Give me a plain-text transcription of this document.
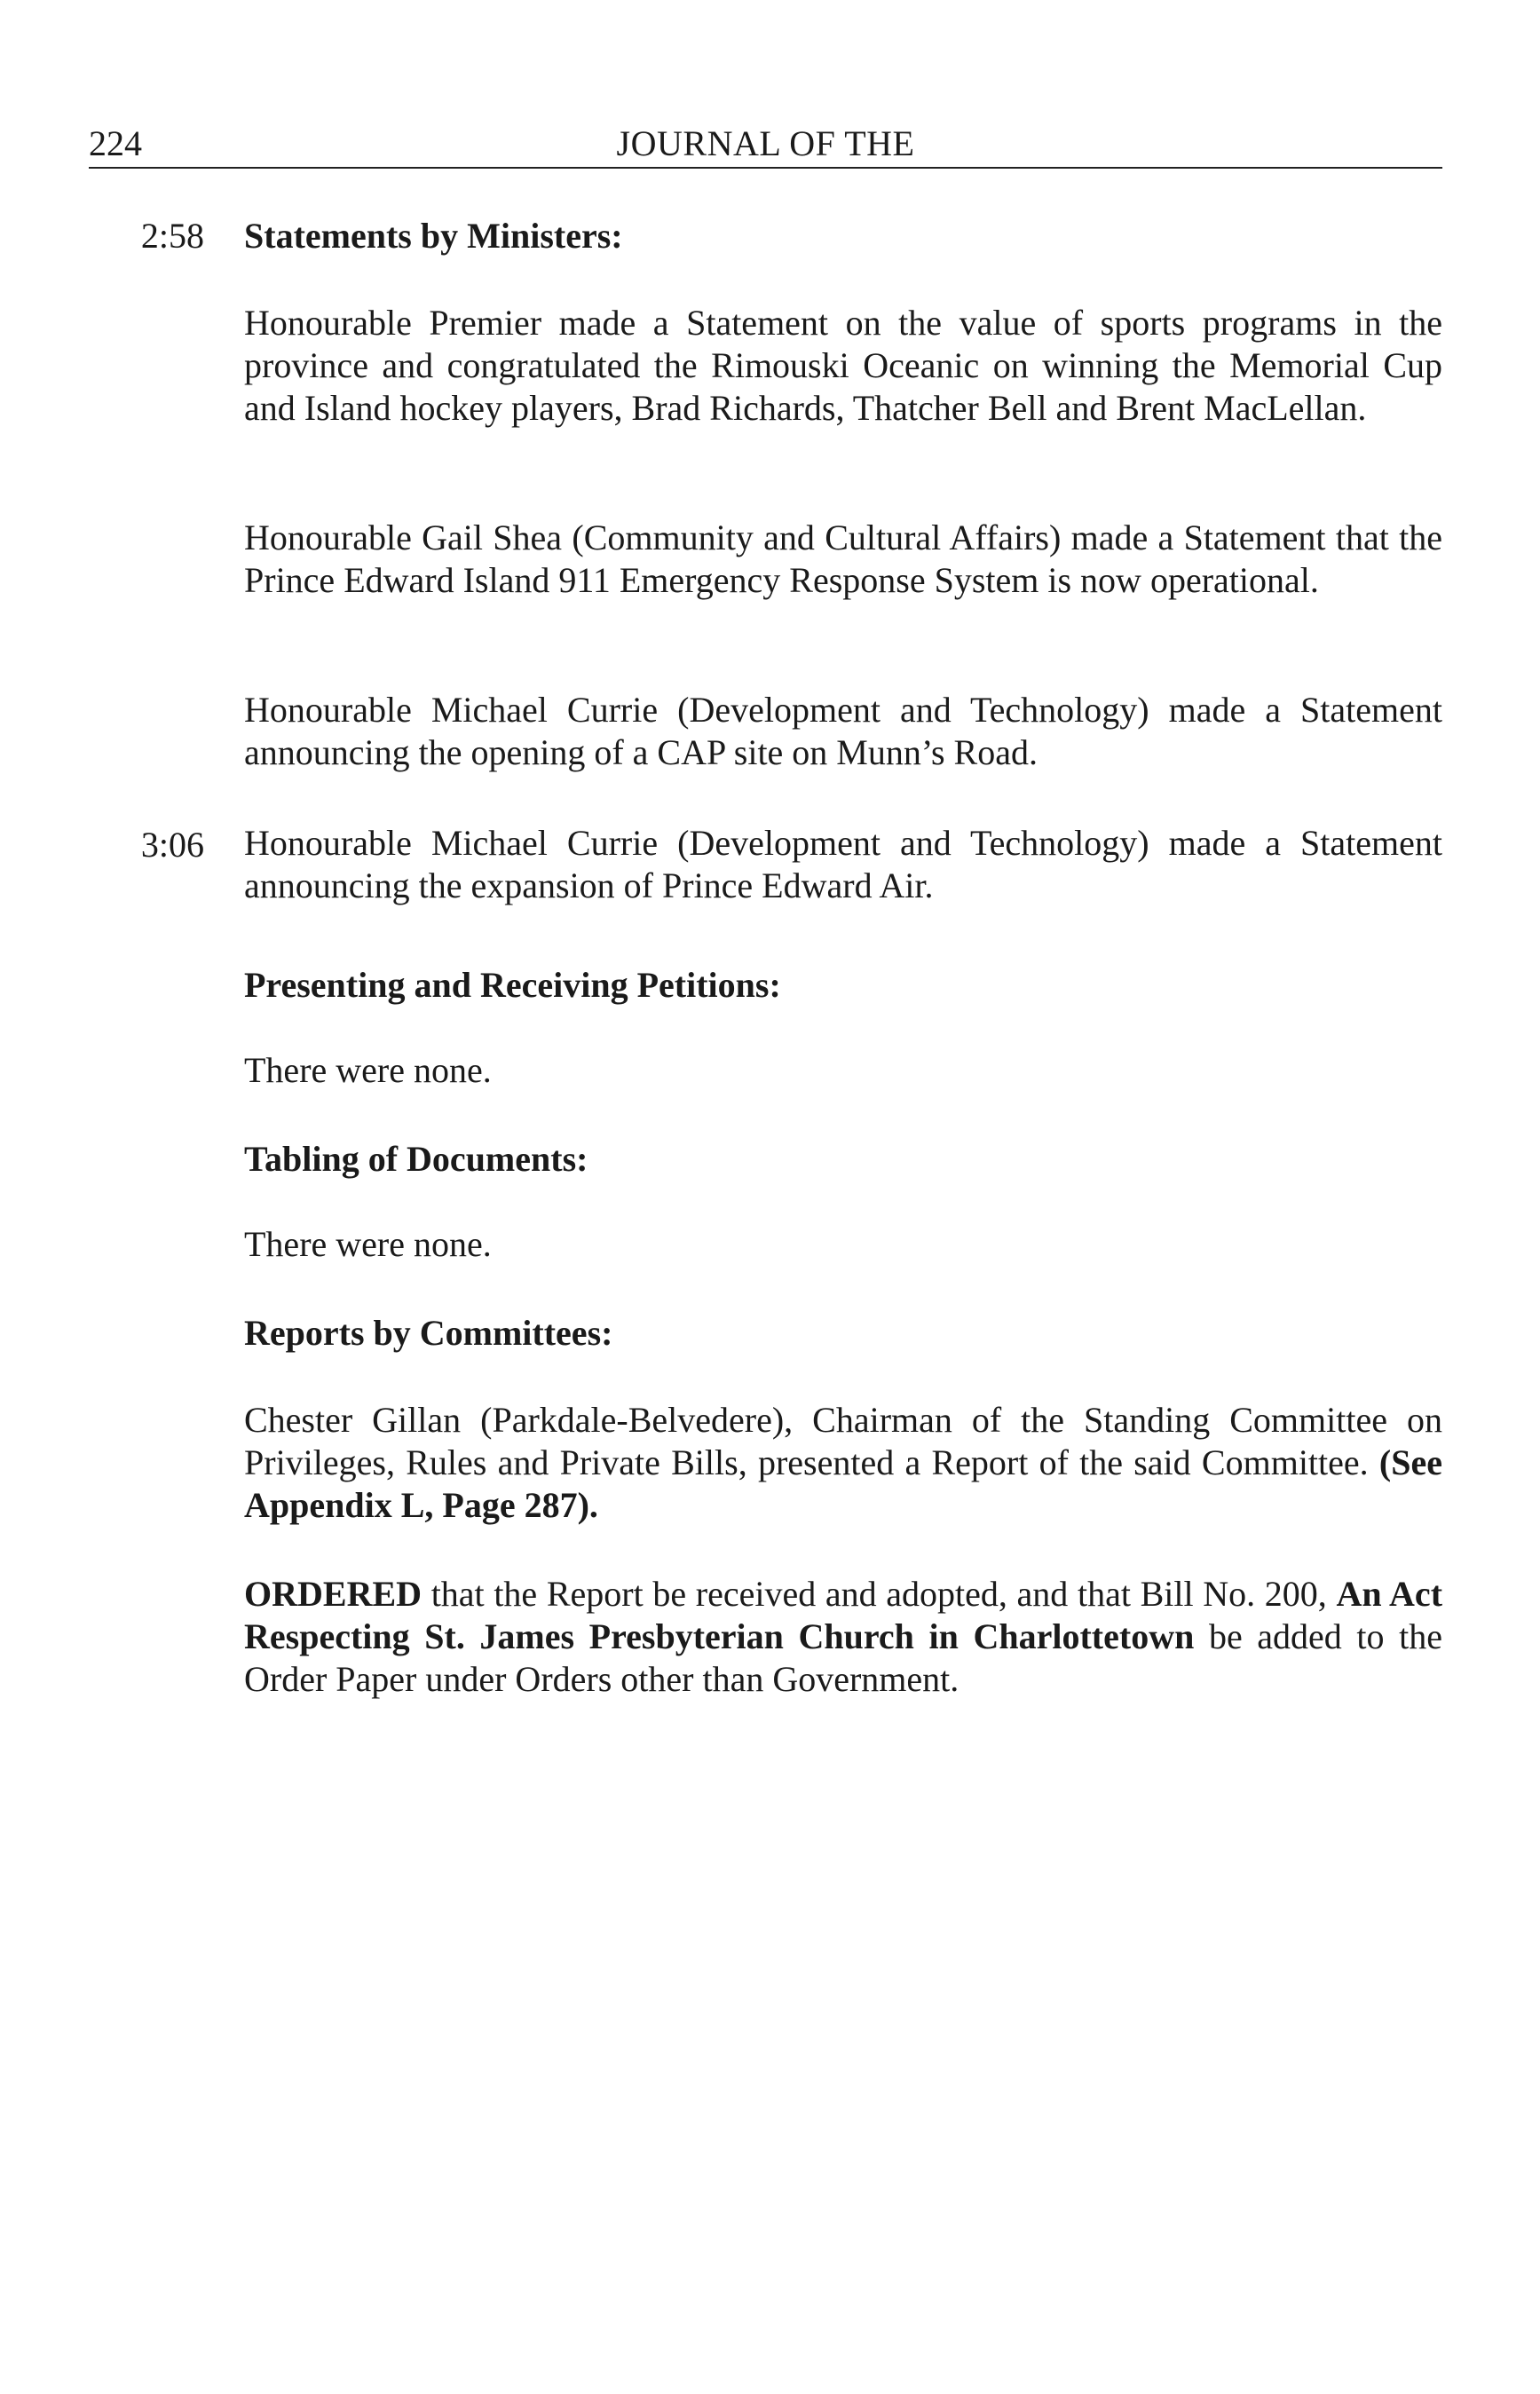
224	JOURNAL OF THE
2:58 Statements by Ministers:
Honourable Premier made a Statement on the value of sports programs in the province and congratulated the Rimouski Oceanic on winning the Memorial Cup and Island hockey players, Brad Richards, Thatcher Bell and Brent MacLellan.
Honourable Gail Shea (Community and Cultural Affairs) made a Statement that the Prince Edward Island 911 Emergency Response System is now operational.
Honourable Michael Currie (Development and Technology) made a Statement announcing the opening of a CAP site on Munn’s Road.
3:06 Honourable Michael Currie (Development and Technology) made a Statement announcing the expansion of Prince Edward Air.
Presenting and Receiving Petitions:
There were none.
Tabling of Documents:
There were none.
Reports by Committees:
Chester Gillan (Parkdale-Belvedere), Chairman of the Standing Committee on Privileges, Rules and Private Bills, presented a Report of the said Committee. (See Appendix L, Page 287).
ORDERED that the Report be received and adopted, and that Bill No. 200, An Act Respecting St. James Presbyterian Church in Charlottetown be added to the Order Paper under Orders other than Government.
